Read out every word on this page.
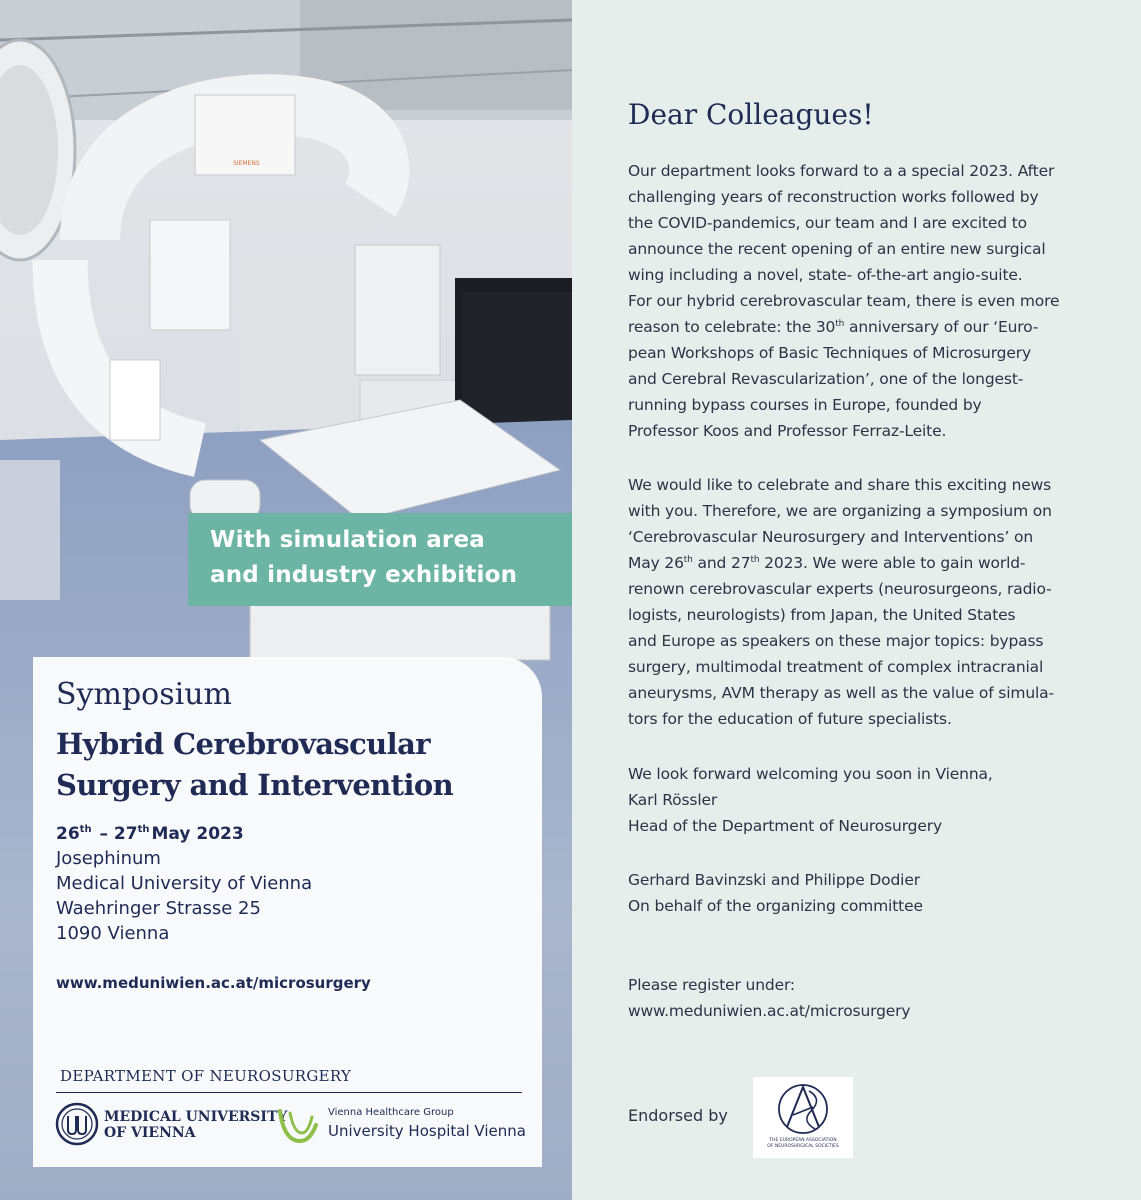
SIEMENS
With simulation area
and industry exhibition
Symposium
Hybrid Cerebrovascular
Surgery and Intervention
26th – 27th May 2023
Josephinum
Medical University of Vienna
Waehringer Strasse 25
1090 Vienna
www.meduniwien.ac.at/microsurgery
DEPARTMENT OF NEUROSURGERY
MEDICAL UNIVERSITY
OF VIENNA
Vienna Healthcare Group
University Hospital Vienna
Dear Colleagues!
Our department looks forward to a a special 2023. After
challenging years of reconstruction works followed by
the COVID-pandemics, our team and I are excited to
announce the recent opening of an entire new surgical
wing including a novel, state- of-the-art angio-suite.
For our hybrid cerebrovascular team, there is even more
reason to celebrate: the 30th anniversary of our ‘Euro-
pean Workshops of Basic Techniques of Microsurgery
and Cerebral Revascularization’, one of the longest-
running bypass courses in Europe, founded by
Professor Koos and Professor Ferraz-Leite.
We would like to celebrate and share this exciting news
with you. Therefore, we are organizing a symposium on
‘Cerebrovascular Neurosurgery and Interventions’ on
May 26th and 27th 2023. We were able to gain world-
renown cerebrovascular experts (neurosurgeons, radio-
logists, neurologists) from Japan, the United States
and Europe as speakers on these major topics: bypass
surgery, multimodal treatment of complex intracranial
aneurysms, AVM therapy as well as the value of simula-
tors for the education of future specialists.
We look forward welcoming you soon in Vienna,
Karl Rössler
Head of the Department of Neurosurgery
Gerhard Bavinzski and Philippe Dodier
On behalf of the organizing committee
Please register under:
www.meduniwien.ac.at/microsurgery
Endorsed by
THE EUROPEAN ASSOCIATION
OF NEUROSURGICAL SOCIETIES
